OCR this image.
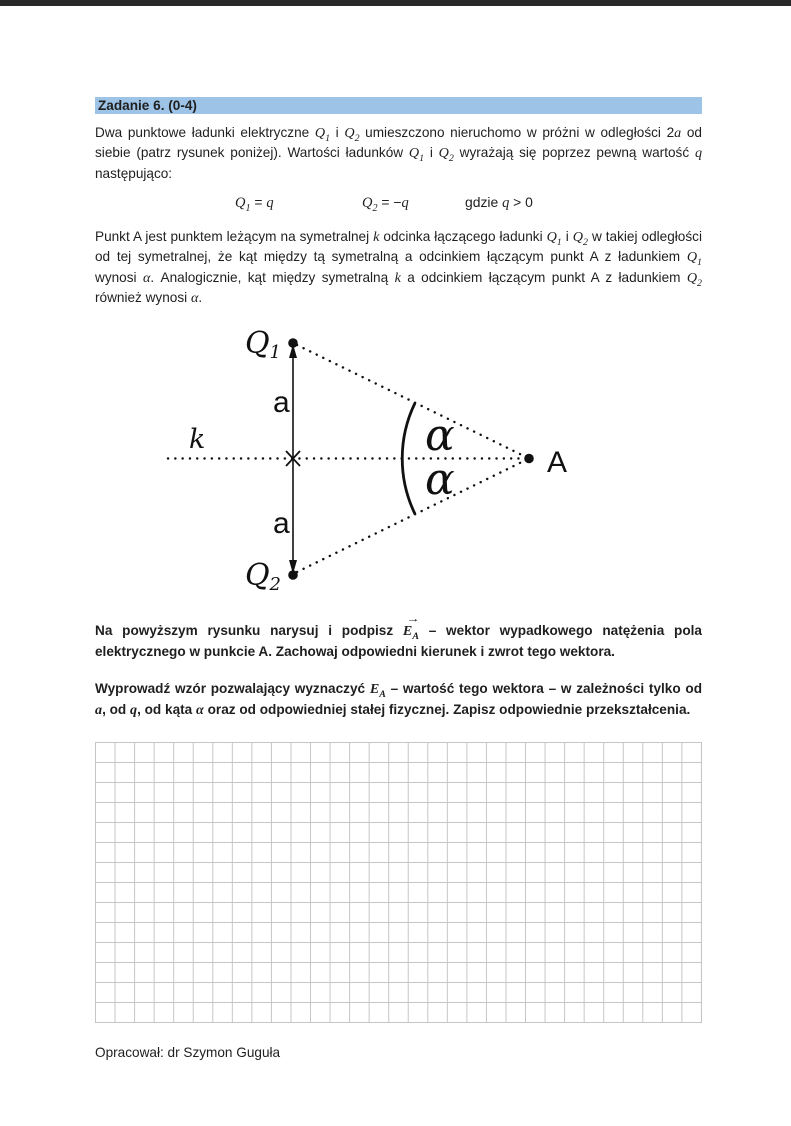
Zadanie 6. (0-4)

Dwa punktowe ładunki elektryczne $Q_1$ i $Q_2$ umieszczono nieruchomo w próżni w odległości 2a od siebie (patrz rysunek poniżej). Wartości ładunków $Q_1$ i $Q_2$ wyrażają się poprzez pewną wartość q następująco:

$Q_1 = q$	$Q_2 = -q$	gdzie q > 0

Punkt A jest punktem leżącym na symetralnej k odcinka łączącego ładunki $Q_1$ i $Q_2$ w takiej odległości od tej symetralnej, że kąt między tą symetralną a odcinkiem łączącym punkt A z ładunkiem $Q_1$ wynosi α. Analogicznie, kąt między symetralną k a odcinkiem łączącym punkt A z ładunkiem $Q_2$ również wynosi α.

Q1
Q2
k
a
a
α
α	A

Na powyższym rysunku narysuj i podpisz
→
$E_A$ – wektor wypadkowego natężenia pola elektrycznego w punkcie A. Zachowaj odpowiedni kierunek i zwrot tego wektora.

Wyprowadź wzór pozwalający wyznaczyć $E_A$ – wartość tego wektora – w zależności tylko od a, od q, od kąta α oraz od odpowiedniej stałej fizycznej. Zapisz odpowiednie przekształcenia.

Opracował: dr Szymon Guguła
